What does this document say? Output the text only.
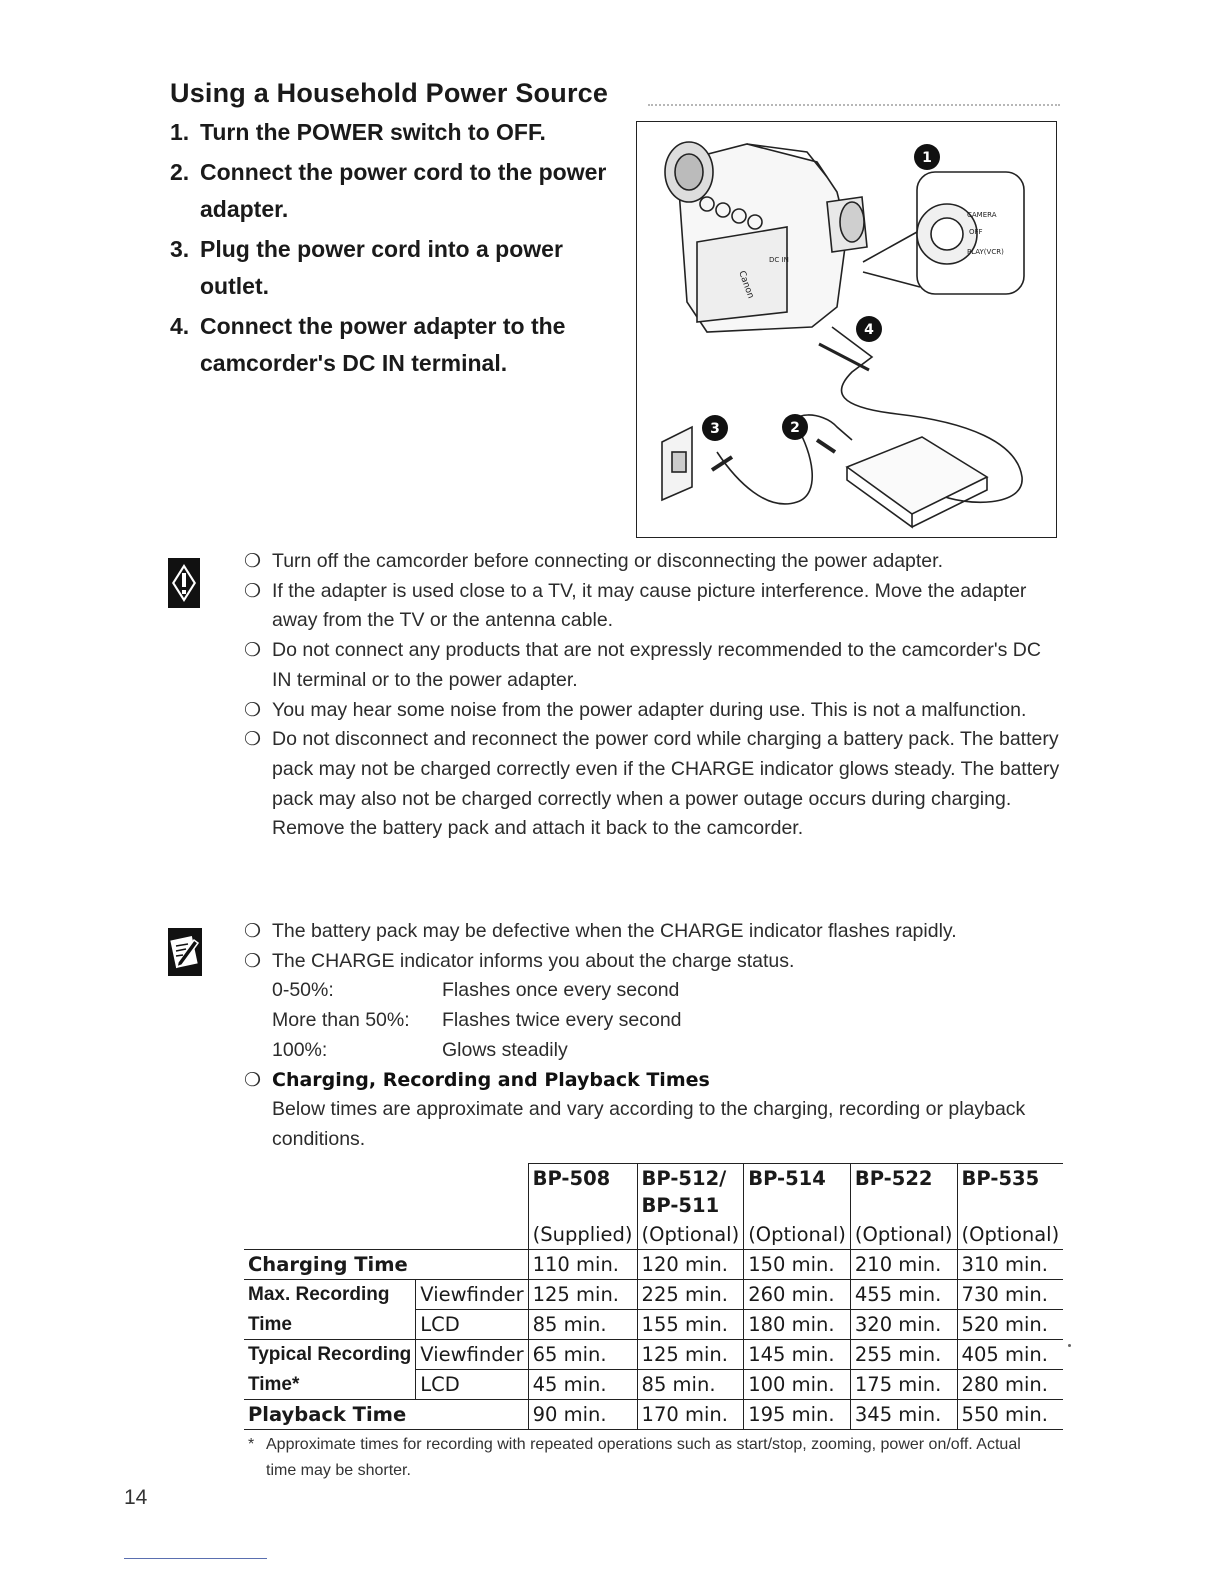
Using a Household Power Source
1. Turn the POWER switch to OFF.
2. Connect the power cord to the power adapter.
3. Plug the power cord into a power outlet.
4. Connect the power adapter to the camcorder's DC IN terminal.
Canon
CAMERA
OFF
PLAY(VCR)
DC IN
1
2
3
4
❍ Turn off the camcorder before connecting or disconnecting the power adapter.
❍ If the adapter is used close to a TV, it may cause picture interference. Move the adapter away from the TV or the antenna cable.
❍ Do not connect any products that are not expressly recommended to the camcorder's DC IN terminal or to the power adapter.
❍ You may hear some noise from the power adapter during use. This is not a malfunction.
❍ Do not disconnect and reconnect the power cord while charging a battery pack. The battery pack may not be charged correctly even if the CHARGE indicator glows steady. The battery pack may also not be charged correctly when a power outage occurs during charging. Remove the battery pack and attach it back to the camcorder.
❍ The battery pack may be defective when the CHARGE indicator flashes rapidly.
❍ The CHARGE indicator informs you about the charge status.
0-50%:	Flashes once every second
More than 50%:	Flashes twice every second
100%:	Glows steadily
❍ Charging, Recording and Playback Times
Below times are approximate and vary according to the charging, recording or playback conditions.
		BP-508	BP-512/ BP-511	BP-514	BP-522	BP-535
		(Supplied)	(Optional)	(Optional)	(Optional)	(Optional)
Charging Time		110 min.	120 min.	150 min.	210 min.	310 min.
Max. Recording	Viewfinder	125 min.	225 min.	260 min.	455 min.	730 min.
Time	LCD	85 min.	155 min.	180 min.	320 min.	520 min.
Typical Recording	Viewfinder	65 min.	125 min.	145 min.	255 min.	405 min.
Time*	LCD	45 min.	85 min.	100 min.	175 min.	280 min.
Playback Time		90 min.	170 min.	195 min.	345 min.	550 min.
* Approximate times for recording with repeated operations such as start/stop, zooming, power on/off. Actual time may be shorter.
14
